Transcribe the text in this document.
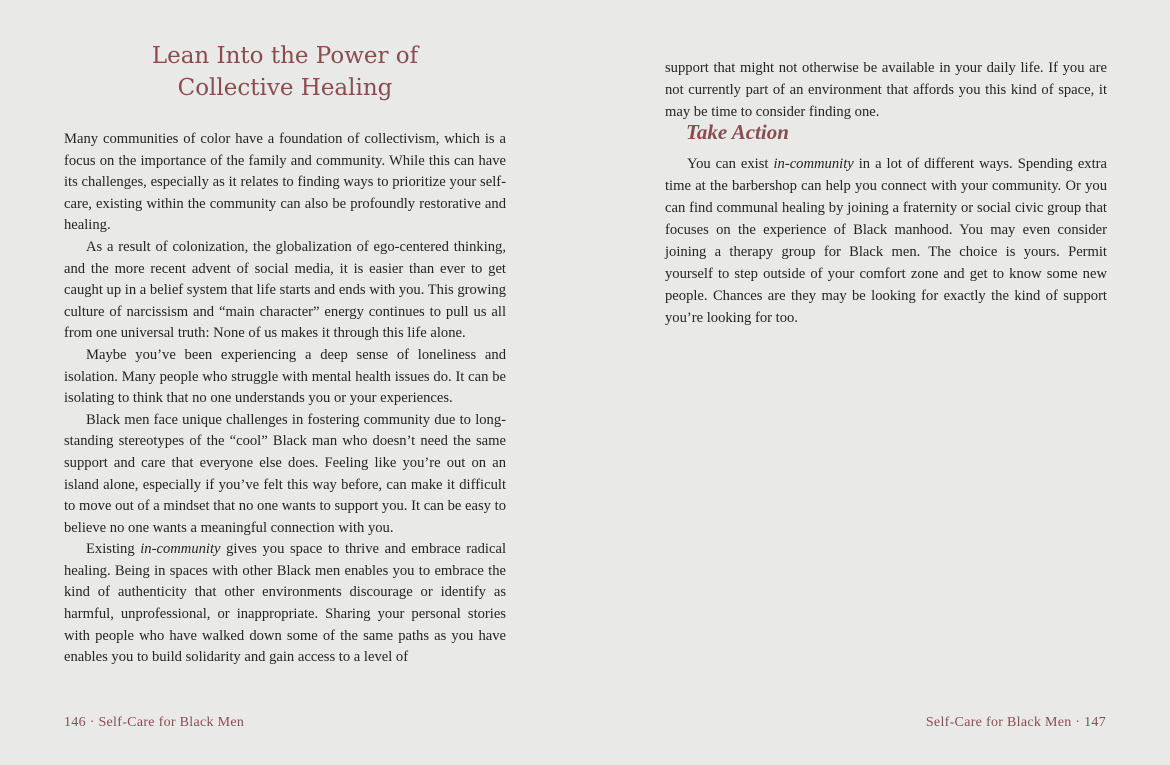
Lean Into the Power of
Collective Healing

Many communities of color have a foundation of collectivism, which is a focus on the importance of the family and community. While this can have its challenges, especially as it relates to finding ways to prioritize your self-care, existing within the community can also be profoundly restorative and healing.

As a result of colonization, the globalization of ego-centered thinking, and the more recent advent of social media, it is easier than ever to get caught up in a belief system that life starts and ends with you. This growing culture of narcissism and “main character” energy continues to pull us all from one universal truth: None of us makes it through this life alone.

Maybe you’ve been experiencing a deep sense of loneliness and isolation. Many people who struggle with mental health issues do. It can be isolating to think that no one understands you or your experiences.

Black men face unique challenges in fostering community due to long-standing stereotypes of the “cool” Black man who doesn’t need the same support and care that everyone else does. Feeling like you’re out on an island alone, especially if you’ve felt this way before, can make it difficult to move out of a mindset that no one wants to support you. It can be easy to believe no one wants a meaningful connection with you.

Existing in-community gives you space to thrive and embrace radical healing. Being in spaces with other Black men enables you to embrace the kind of authenticity that other environments discourage or identify as harmful, unprofessional, or inappropriate. Sharing your personal stories with people who have walked down some of the same paths as you have enables you to build solidarity and gain access to a level of

146 · Self-Care for Black Men

support that might not otherwise be available in your daily life. If you are not currently part of an environment that affords you this kind of space, it may be time to consider finding one.

Take Action

You can exist in-community in a lot of different ways. Spending extra time at the barbershop can help you connect with your community. Or you can find communal healing by joining a fraternity or social civic group that focuses on the experience of Black manhood. You may even consider joining a therapy group for Black men. The choice is yours. Permit yourself to step outside of your comfort zone and get to know some new people. Chances are they may be looking for exactly the kind of support you’re looking for too.

Self-Care for Black Men · 147
